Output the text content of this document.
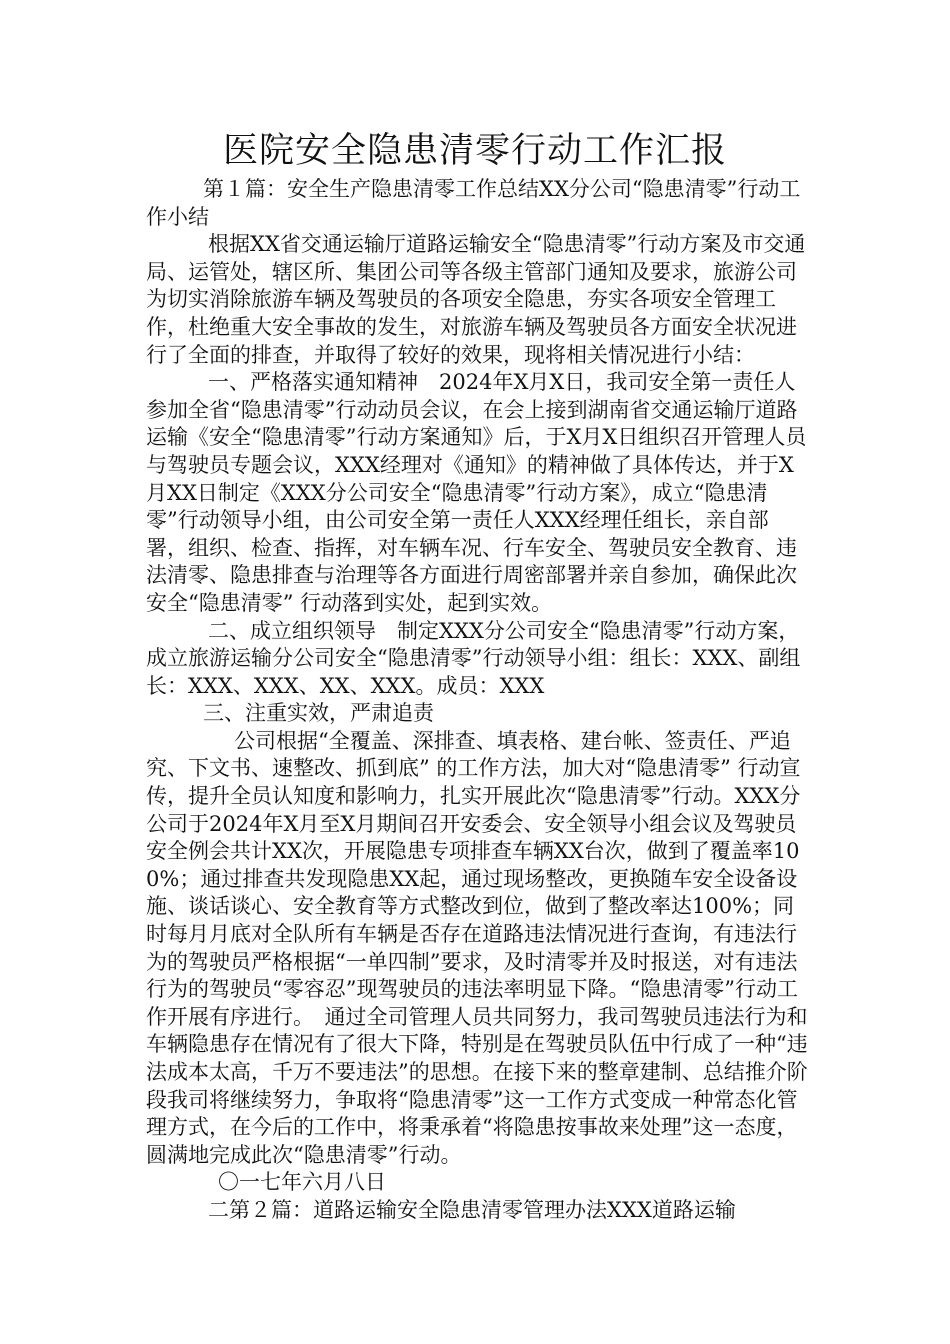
医院安全隐患清零行动工作汇报

第１篇：安全生产隐患清零工作总结XX分公司“隐患清零”行动工作小结

根据XX省交通运输厅道路运输安全“隐患清零”行动方案及市交通局、运管处，辖区所、集团公司等各级主管部门通知及要求，旅游公司为切实消除旅游车辆及驾驶员的各项安全隐患，夯实各项安全管理工作，杜绝重大安全事故的发生，对旅游车辆及驾驶员各方面安全状况进行了全面的排查，并取得了较好的效果，现将相关情况进行小结：

一、严格落实通知精神　2024年X月X日，我司安全第一责任人参加全省“隐患清零”行动动员会议，在会上接到湖南省交通运输厅道路运输《安全“隐患清零”行动方案通知》后，于X月X日组织召开管理人员与驾驶员专题会议，XXX经理对《通知》的精神做了具体传达，并于X月XX日制定《XXX分公司安全“隐患清零”行动方案》，成立“隐患清零”行动领导小组，由公司安全第一责任人XXX经理任组长，亲自部署，组织、检查、指挥，对车辆车况、行车安全、驾驶员安全教育、违法清零、隐患排查与治理等各方面进行周密部署并亲自参加，确保此次安全“隐患清零” 行动落到实处，起到实效。

二、成立组织领导　制定XXX分公司安全“隐患清零”行动方案，成立旅游运输分公司安全“隐患清零”行动领导小组：组长：XXX、副组长：XXX、XXX、XX、XXX。成员：XXX

三、注重实效，严肃追责

公司根据“全覆盖、深排查、填表格、建台帐、签责任、严追究、下文书、速整改、抓到底” 的工作方法，加大对“隐患清零” 行动宣传，提升全员认知度和影响力，扎实开展此次“隐患清零”行动。XXX分公司于2024年X月至X月期间召开安委会、安全领导小组会议及驾驶员安全例会共计XX次，开展隐患专项排查车辆XX台次，做到了覆盖率100%；通过排查共发现隐患XX起，通过现场整改，更换随车安全设备设施、谈话谈心、安全教育等方式整改到位，做到了整改率达100%；同时每月月底对全队所有车辆是否存在道路违法情况进行查询，有违法行为的驾驶员严格根据“一单四制”要求，及时清零并及时报送，对有违法行为的驾驶员“零容忍”现驾驶员的违法率明显下降。“隐患清零”行动工作开展有序进行。　通过全司管理人员共同努力，我司驾驶员违法行为和车辆隐患存在情况有了很大下降，特别是在驾驶员队伍中行成了一种“违法成本太高，千万不要违法”的思想。在接下来的整章建制、总结推介阶段我司将继续努力，争取将“隐患清零”这一工作方式变成一种常态化管理方式，在今后的工作中，将秉承着“将隐患按事故来处理”这一态度，圆满地完成此次“隐患清零”行动。

〇一七年六月八日

二第２篇：道路运输安全隐患清零管理办法XXX道路运输
